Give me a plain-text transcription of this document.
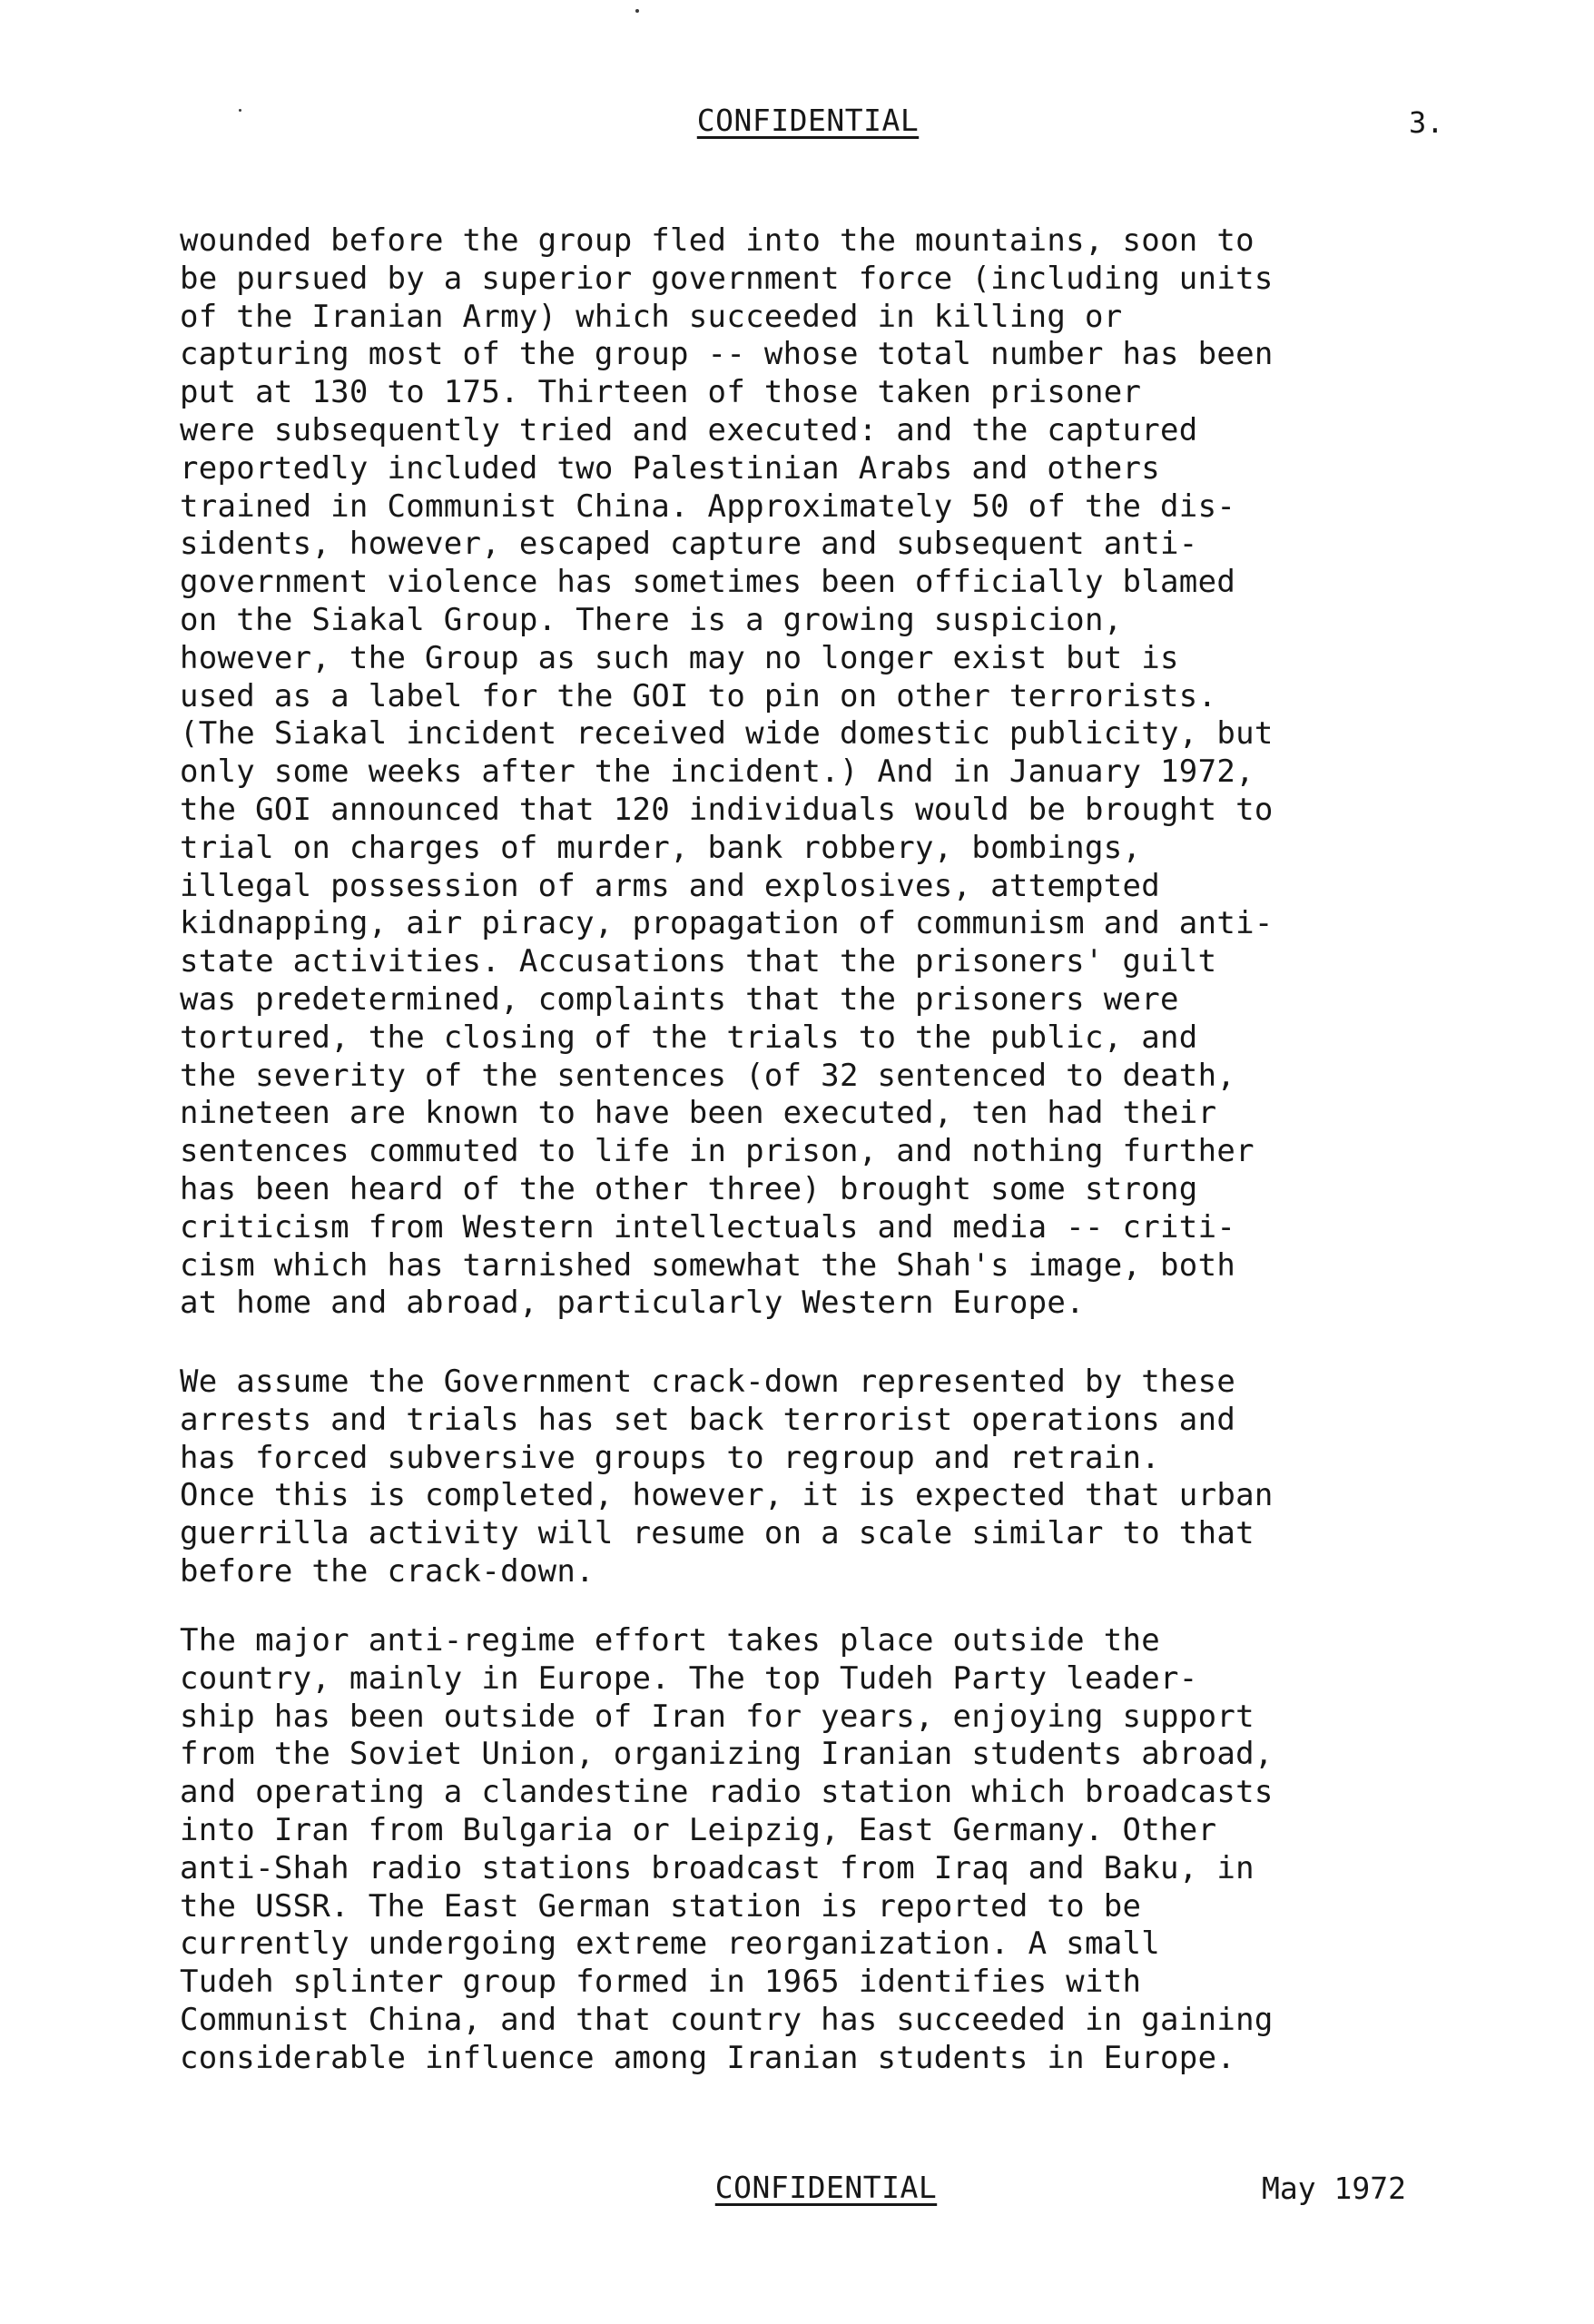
CONFIDENTIAL	3.
wounded before the group fled into the mountains, soon to
be pursued by a superior government force (including units
of the Iranian Army) which succeeded in killing or
capturing most of the group -- whose total number has been
put at 130 to 175. Thirteen of those taken prisoner
were subsequently tried and executed: and the captured
reportedly included two Palestinian Arabs and others
trained in Communist China. Approximately 50 of the dis-
sidents, however, escaped capture and subsequent anti-
government violence has sometimes been officially blamed
on the Siakal Group. There is a growing suspicion,
however, the Group as such may no longer exist but is
used as a label for the GOI to pin on other terrorists.
(The Siakal incident received wide domestic publicity, but
only some weeks after the incident.) And in January 1972,
the GOI announced that 120 individuals would be brought to
trial on charges of murder, bank robbery, bombings,
illegal possession of arms and explosives, attempted
kidnapping, air piracy, propagation of communism and anti-
state activities. Accusations that the prisoners' guilt
was predetermined, complaints that the prisoners were
tortured, the closing of the trials to the public, and
the severity of the sentences (of 32 sentenced to death,
nineteen are known to have been executed, ten had their
sentences commuted to life in prison, and nothing further
has been heard of the other three) brought some strong
criticism from Western intellectuals and media -- criti-
cism which has tarnished somewhat the Shah's image, both
at home and abroad, particularly Western Europe.
We assume the Government crack-down represented by these
arrests and trials has set back terrorist operations and
has forced subversive groups to regroup and retrain.
Once this is completed, however, it is expected that urban
guerrilla activity will resume on a scale similar to that
before the crack-down.
The major anti-regime effort takes place outside the
country, mainly in Europe. The top Tudeh Party leader-
ship has been outside of Iran for years, enjoying support
from the Soviet Union, organizing Iranian students abroad,
and operating a clandestine radio station which broadcasts
into Iran from Bulgaria or Leipzig, East Germany. Other
anti-Shah radio stations broadcast from Iraq and Baku, in
the USSR. The East German station is reported to be
currently undergoing extreme reorganization. A small
Tudeh splinter group formed in 1965 identifies with
Communist China, and that country has succeeded in gaining
considerable influence among Iranian students in Europe.
CONFIDENTIAL	May 1972
